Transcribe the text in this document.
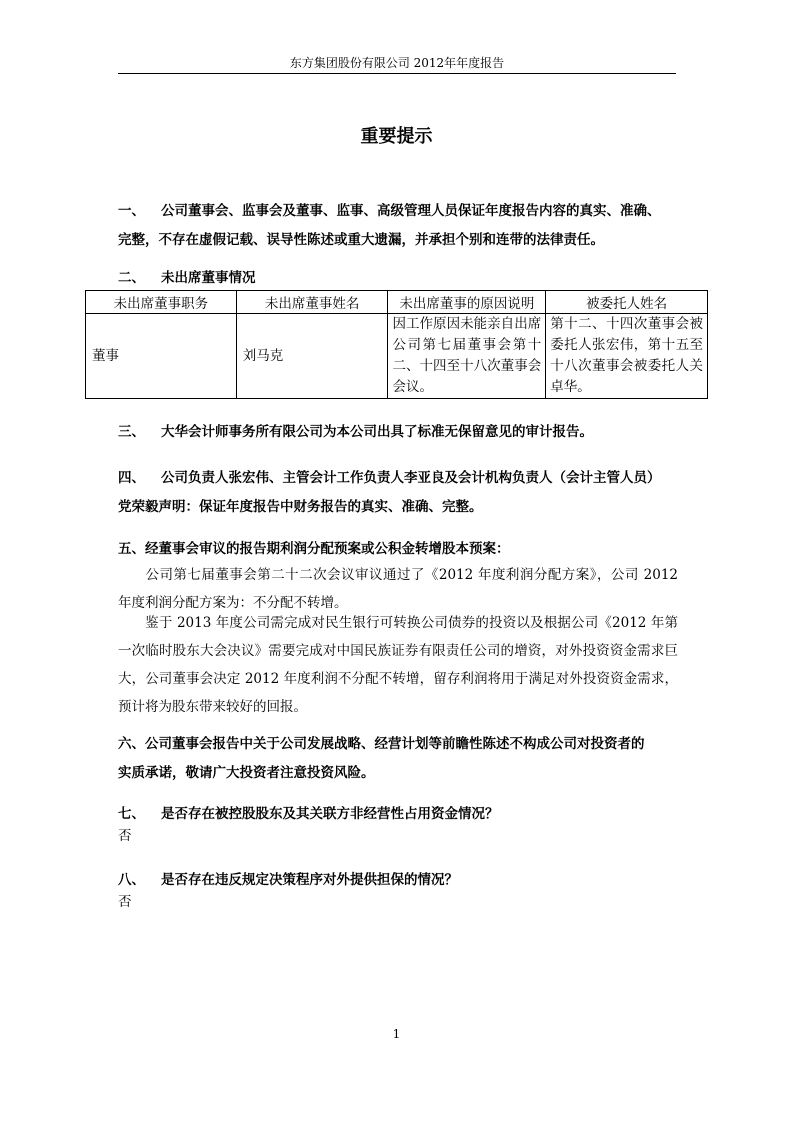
东方集团股份有限公司 2012年年度报告
重要提示
一、 公司董事会、监事会及董事、监事、高级管理人员保证年度报告内容的真实、准确、
完整，不存在虚假记载、误导性陈述或重大遗漏，并承担个别和连带的法律责任。
二、 未出席董事情况
未出席董事职务	未出席董事姓名	未出席董事的原因说明	被委托人姓名
董事	刘马克	因工作原因未能亲自出席公司第七届董事会第十二、十四至十八次董事会会议。	第十二、十四次董事会被委托人张宏伟，第十五至十八次董事会被委托人关卓华。
三、 大华会计师事务所有限公司为本公司出具了标准无保留意见的审计报告。
四、 公司负责人张宏伟、主管会计工作负责人李亚良及会计机构负责人（会计主管人员）
党荣毅声明：保证年度报告中财务报告的真实、准确、完整。
五、经董事会审议的报告期利润分配预案或公积金转增股本预案：
公司第七届董事会第二十二次会议审议通过了《2012 年度利润分配方案》，公司 2012 年度利润分配方案为：不分配不转增。
鉴于 2013 年度公司需完成对民生银行可转换公司债券的投资以及根据公司《2012 年第一次临时股东大会决议》需要完成对中国民族证券有限责任公司的增资，对外投资资金需求巨大，公司董事会决定 2012 年度利润不分配不转增，留存利润将用于满足对外投资资金需求，预计将为股东带来较好的回报。
六、公司董事会报告中关于公司发展战略、经营计划等前瞻性陈述不构成公司对投资者的
实质承诺，敬请广大投资者注意投资风险。
七、 是否存在被控股股东及其关联方非经营性占用资金情况？
否
八、 是否存在违反规定决策程序对外提供担保的情况？
否
1
